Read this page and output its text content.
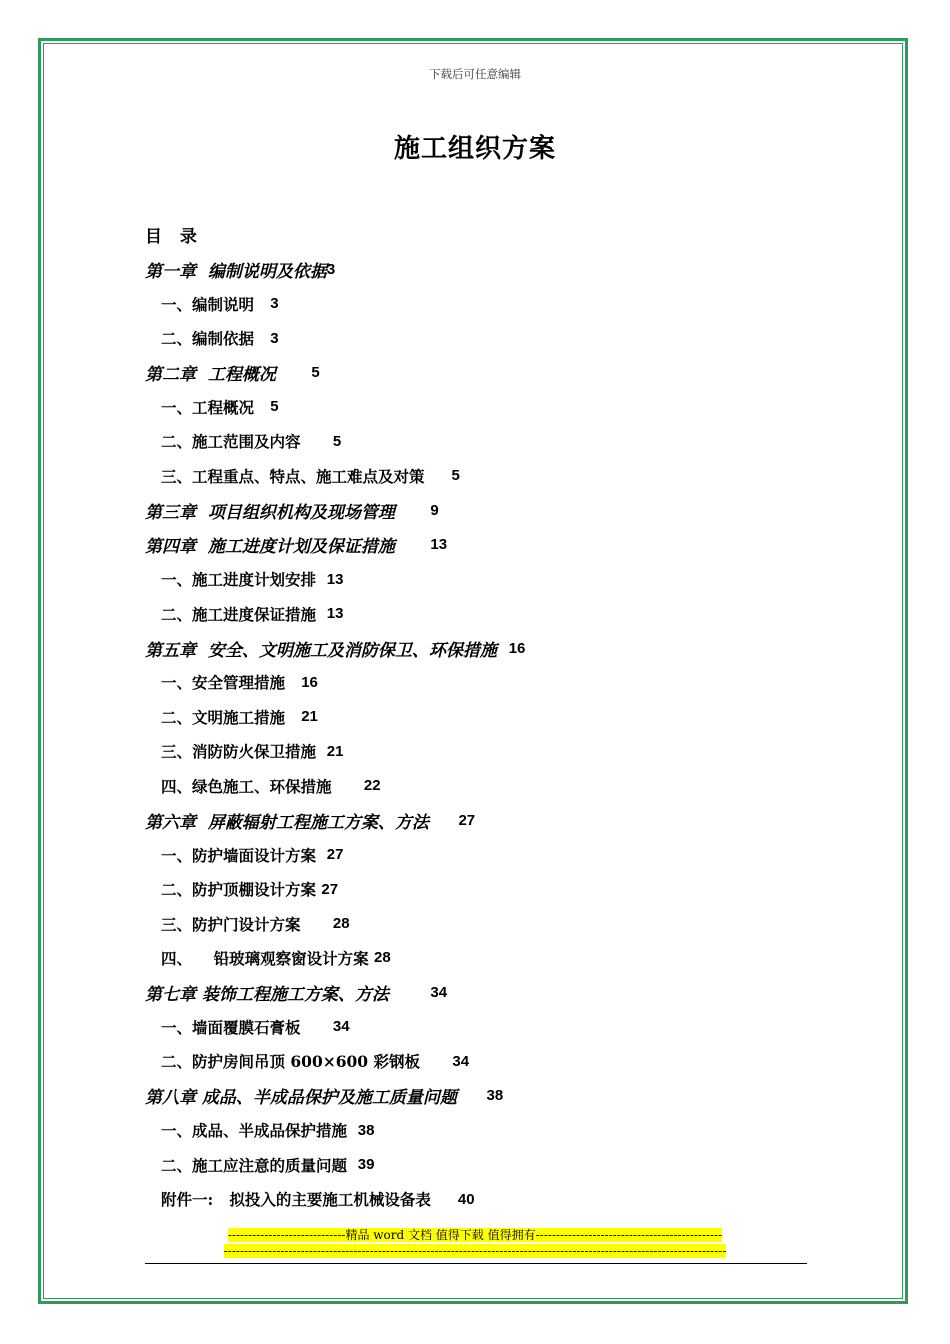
下载后可任意编辑
施工组织方案
目 录
第一章  编制说明及依据 3
一、编制说明 3
二、编制依据 3
第二章  工程概况 5
一、工程概况 5
二、施工范围及内容 5
三、工程重点、特点、施工难点及对策 5
第三章  项目组织机构及现场管理 9
第四章  施工进度计划及保证措施 13
一、施工进度计划安排 13
二、施工进度保证措施 13
第五章  安全、文明施工及消防保卫、环保措施 16
一、安全管理措施 16
二、文明施工措施 21
三、消防防火保卫措施 21
四、绿色施工、环保措施 22
第六章  屏蔽辐射工程施工方案、方法 27
一、防护墙面设计方案 27
二、防护顶棚设计方案 27
三、防护门设计方案 28
四、    铅玻璃观察窗设计方案 28
第七章 装饰工程施工方案、方法 34
一、墙面覆膜石膏板 34
二、防护房间吊顶 600×600 彩钢板 34
第八章 成品、半成品保护及施工质量问题 38
一、成品、半成品保护措施 38
二、施工应注意的质量问题 39
附件一:   拟投入的主要施工机械设备表 40
-----------------------------精品 word 文档 值得下载 值得拥有----------------------------------------------
----------------------------------------------------------------------------------------------------------------------------
